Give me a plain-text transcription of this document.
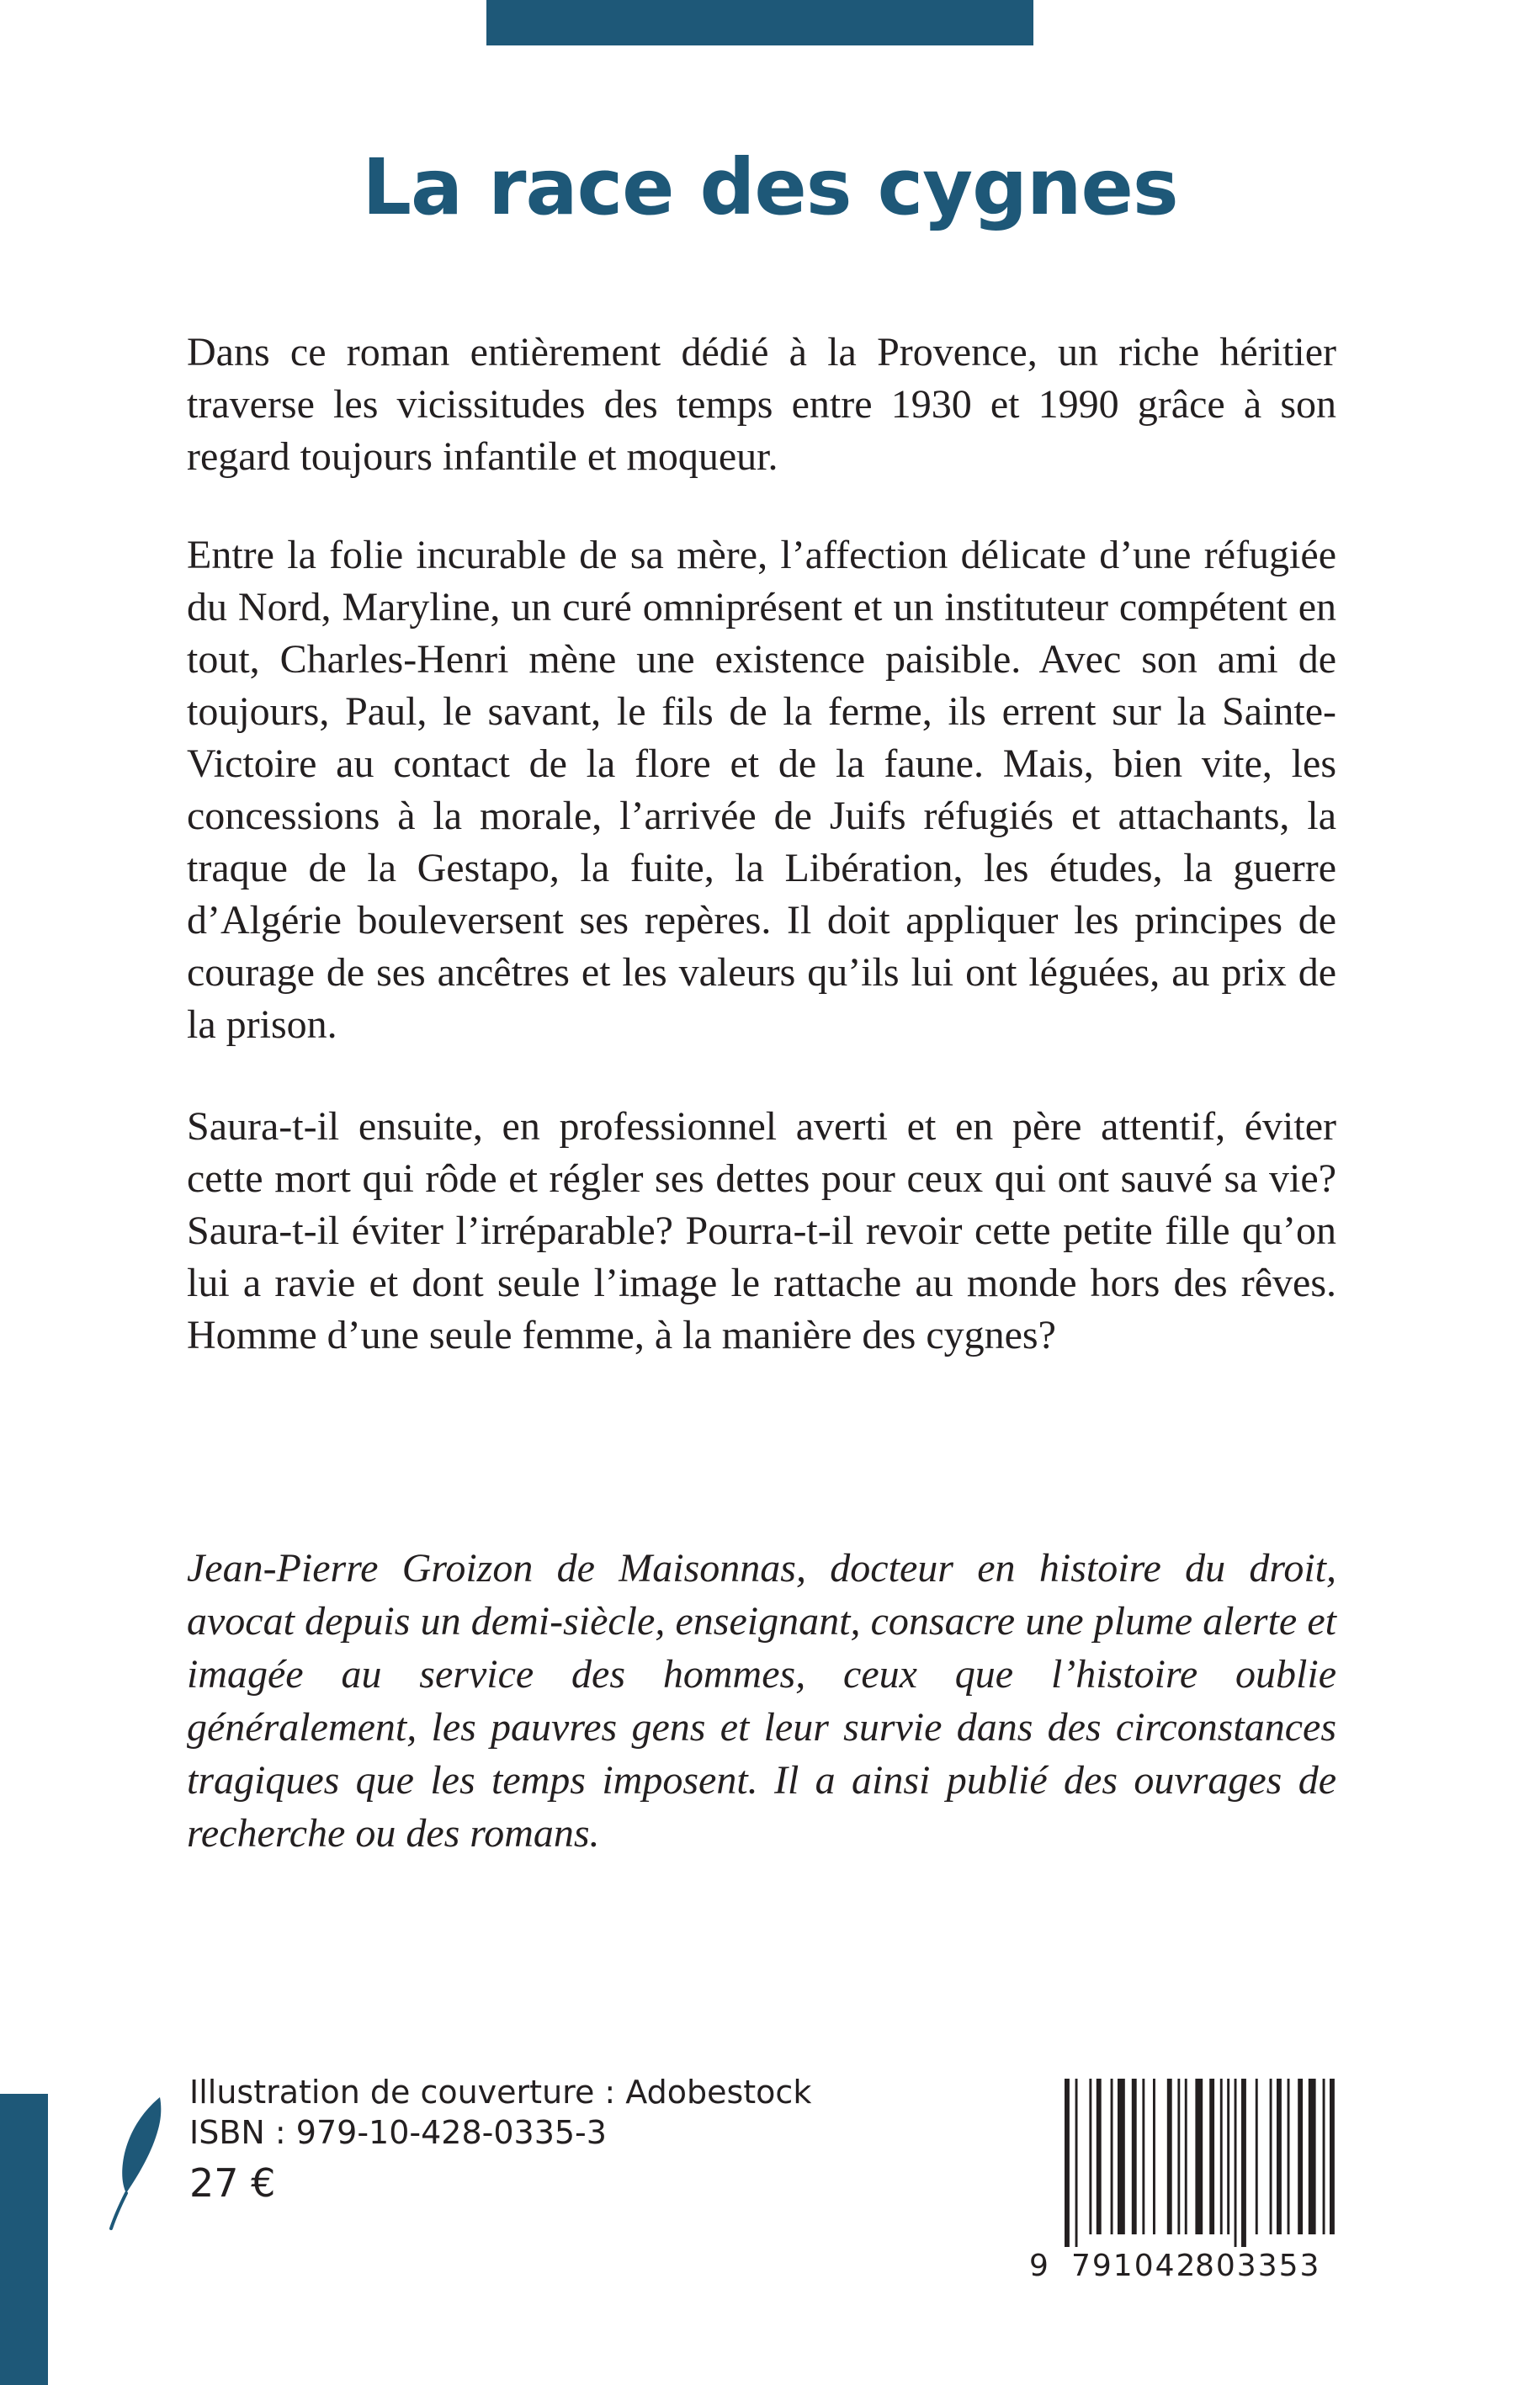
La race des cygnes

Dans ce roman entièrement dédié à la Provence, un riche héritier traverse les vicissitudes des temps entre 1930 et 1990 grâce à son regard toujours infantile et moqueur.

Entre la folie incurable de sa mère, l’affection délicate d’une réfugiée du Nord, Maryline, un curé omniprésent et un instituteur compétent en tout, Charles-Henri mène une existence paisible. Avec son ami de toujours, Paul, le savant, le fils de la ferme, ils errent sur la Sainte-Victoire au contact de la flore et de la faune. Mais, bien vite, les concessions à la morale, l’arrivée de Juifs réfugiés et attachants, la traque de la Gestapo, la fuite, la Libération, les études, la guerre d’Algérie bouleversent ses repères. Il doit appliquer les principes de courage de ses ancêtres et les valeurs qu’ils lui ont léguées, au prix de la prison.

Saura-t-il ensuite, en professionnel averti et en père attentif, éviter cette mort qui rôde et régler ses dettes pour ceux qui ont sauvé sa vie? Saura-t-il éviter l’irréparable? Pourra-t-il revoir cette petite fille qu’on lui a ravie et dont seule l’image le rattache au monde hors des rêves. Homme d’une seule femme, à la manière des cygnes?

Jean-Pierre Groizon de Maisonnas, docteur en histoire du droit, avocat depuis un demi-siècle, enseignant, consacre une plume alerte et imagée au service des hommes, ceux que l’histoire oublie généralement, les pauvres gens et leur survie dans des circonstances tragiques que les temps imposent. Il a ainsi publié des ouvrages de recherche ou des romans.

Illustration de couverture : Adobestock
ISBN : 979-10-428-0335-3
27 €
9 791042
803353
